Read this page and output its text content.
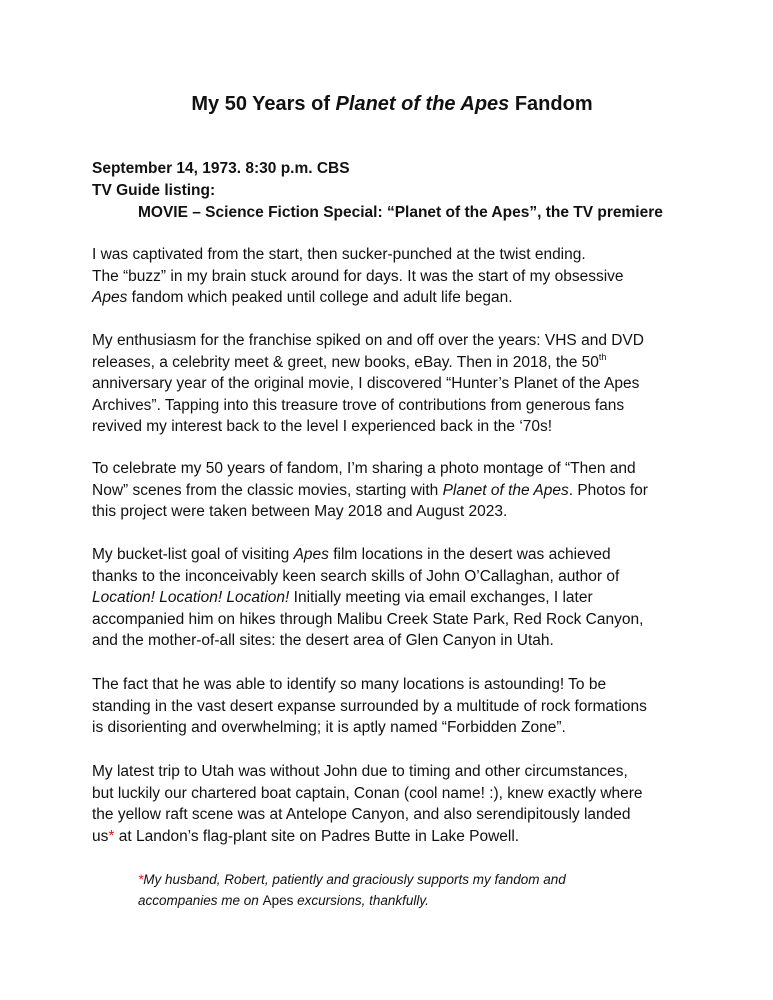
My 50 Years of Planet of the Apes Fandom
September 14, 1973. 8:30 p.m. CBS
TV Guide listing:
MOVIE – Science Fiction Special: “Planet of the Apes”, the TV premiere

I was captivated from the start, then sucker-punched at the twist ending.
The “buzz” in my brain stuck around for days. It was the start of my obsessive
Apes fandom which peaked until college and adult life began.

My enthusiasm for the franchise spiked on and off over the years: VHS and DVD
releases, a celebrity meet & greet, new books, eBay. Then in 2018, the 50th
anniversary year of the original movie, I discovered “Hunter’s Planet of the Apes
Archives”. Tapping into this treasure trove of contributions from generous fans
revived my interest back to the level I experienced back in the ‘70s!

To celebrate my 50 years of fandom, I’m sharing a photo montage of “Then and
Now” scenes from the classic movies, starting with Planet of the Apes. Photos for
this project were taken between May 2018 and August 2023.

My bucket-list goal of visiting Apes film locations in the desert was achieved
thanks to the inconceivably keen search skills of John O’Callaghan, author of
Location! Location! Location! Initially meeting via email exchanges, I later
accompanied him on hikes through Malibu Creek State Park, Red Rock Canyon,
and the mother-of-all sites: the desert area of Glen Canyon in Utah.

The fact that he was able to identify so many locations is astounding! To be
standing in the vast desert expanse surrounded by a multitude of rock formations
is disorienting and overwhelming; it is aptly named “Forbidden Zone”.

My latest trip to Utah was without John due to timing and other circumstances,
but luckily our chartered boat captain, Conan (cool name! :), knew exactly where
the yellow raft scene was at Antelope Canyon, and also serendipitously landed
us* at Landon’s flag-plant site on Padres Butte in Lake Powell.

*My husband, Robert, patiently and graciously supports my fandom and
accompanies me on Apes excursions, thankfully.
